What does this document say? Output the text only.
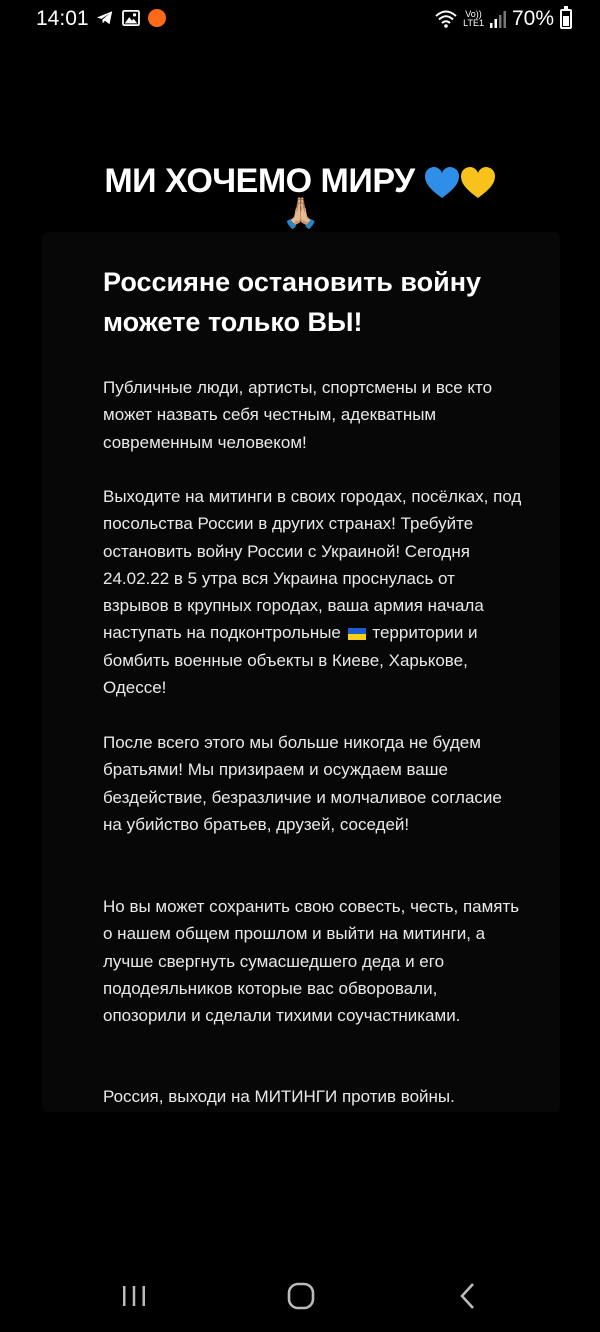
14:01	Vo))
LTE1 70%
МИ ХОЧЕМО МИРУ
🙏🏼
Россияне остановить войну можете только ВЫ!

Публичные люди, артисты, спортсмены и все кто может назвать себя честным, адекватным современным человеком!

Выходите на митинги в своих городах, посёлках, под посольства России в других странах! Требуйте остановить войну России с Украиной! Сегодня 24.02.22 в 5 утра вся Украина проснулась от взрывов в крупных городах, ваша армия начала наступать на подконтрольные территории и бомбить военные объекты в Киеве, Харькове, Одессе!

После всего этого мы больше никогда не будем братьями! Мы призираем и осуждаем ваше бездействие, безразличие и молчаливое согласие на убийство братьев, друзей, соседей!

Но вы может сохранить свою совесть, честь, память о нашем общем прошлом и выйти на митинги, а лучше свергнуть сумасшедшего деда и его пододеяльников которые вас обворовали, опозорили и сделали тихими соучастниками.

Россия, выходи на МИТИНГИ против войны.
